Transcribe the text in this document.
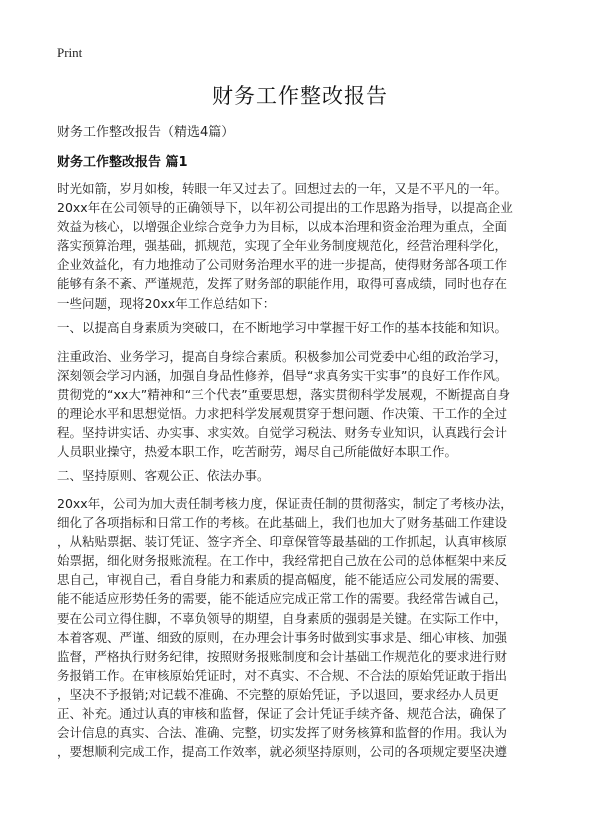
Print
财务工作整改报告
财务工作整改报告（精选4篇）
财务工作整改报告 篇1
时光如箭，岁月如梭，转眼一年又过去了。回想过去的一年，又是不平凡的一年。
20xx年在公司领导的正确领导下，以年初公司提出的工作思路为指导，以提高企业
效益为核心，以增强企业综合竞争力为目标，以成本治理和资金治理为重点，全面
落实预算治理，强基础，抓规范，实现了全年业务制度规范化，经营治理科学化，
企业效益化，有力地推动了公司财务治理水平的进一步提高，使得财务部各项工作
能够有条不紊、严谨规范，发挥了财务部的职能作用，取得可喜成绩，同时也存在
一些问题，现将20xx年工作总结如下：
一、以提高自身素质为突破口，在不断地学习中掌握干好工作的基本技能和知识。
注重政治、业务学习，提高自身综合素质。积极参加公司党委中心组的政治学习，
深刻领会学习内涵，加强自身品性修养，倡导“求真务实干实事”的良好工作作风。
贯彻党的“xx大”精神和“三个代表”重要思想，落实贯彻科学发展观，不断提高自身
的理论水平和思想觉悟。力求把科学发展观贯穿于想问题、作决策、干工作的全过
程。坚持讲实话、办实事、求实效。自觉学习税法、财务专业知识，认真践行会计
人员职业操守，热爱本职工作，吃苦耐劳，竭尽自己所能做好本职工作。
二、坚持原则、客观公正、依法办事。
20xx年，公司为加大责任制考核力度，保证责任制的贯彻落实，制定了考核办法，
细化了各项指标和日常工作的考核。在此基础上，我们也加大了财务基础工作建设
，从粘贴票据、装订凭证、签字齐全、印章保管等最基础的工作抓起，认真审核原
始票据，细化财务报账流程。在工作中，我经常把自己放在公司的总体框架中来反
思自己，审视自己，看自身能力和素质的提高幅度，能不能适应公司发展的需要、
能不能适应形势任务的需要，能不能适应完成正常工作的需要。我经常告诫自己，
要在公司立得住脚，不辜负领导的期望，自身素质的强弱是关键。在实际工作中，
本着客观、严谨、细致的原则，在办理会计事务时做到实事求是、细心审核、加强
监督，严格执行财务纪律，按照财务报账制度和会计基础工作规范化的要求进行财
务报销工作。在审核原始凭证时，对不真实、不合规、不合法的原始凭证敢于指出
，坚决不予报销;对记载不准确、不完整的原始凭证，予以退回，要求经办人员更
正、补充。通过认真的审核和监督，保证了会计凭证手续齐备、规范合法，确保了
会计信息的真实、合法、准确、完整，切实发挥了财务核算和监督的作用。我认为
，要想顺利完成工作，提高工作效率，就必须坚持原则，公司的各项规定要坚决遵
